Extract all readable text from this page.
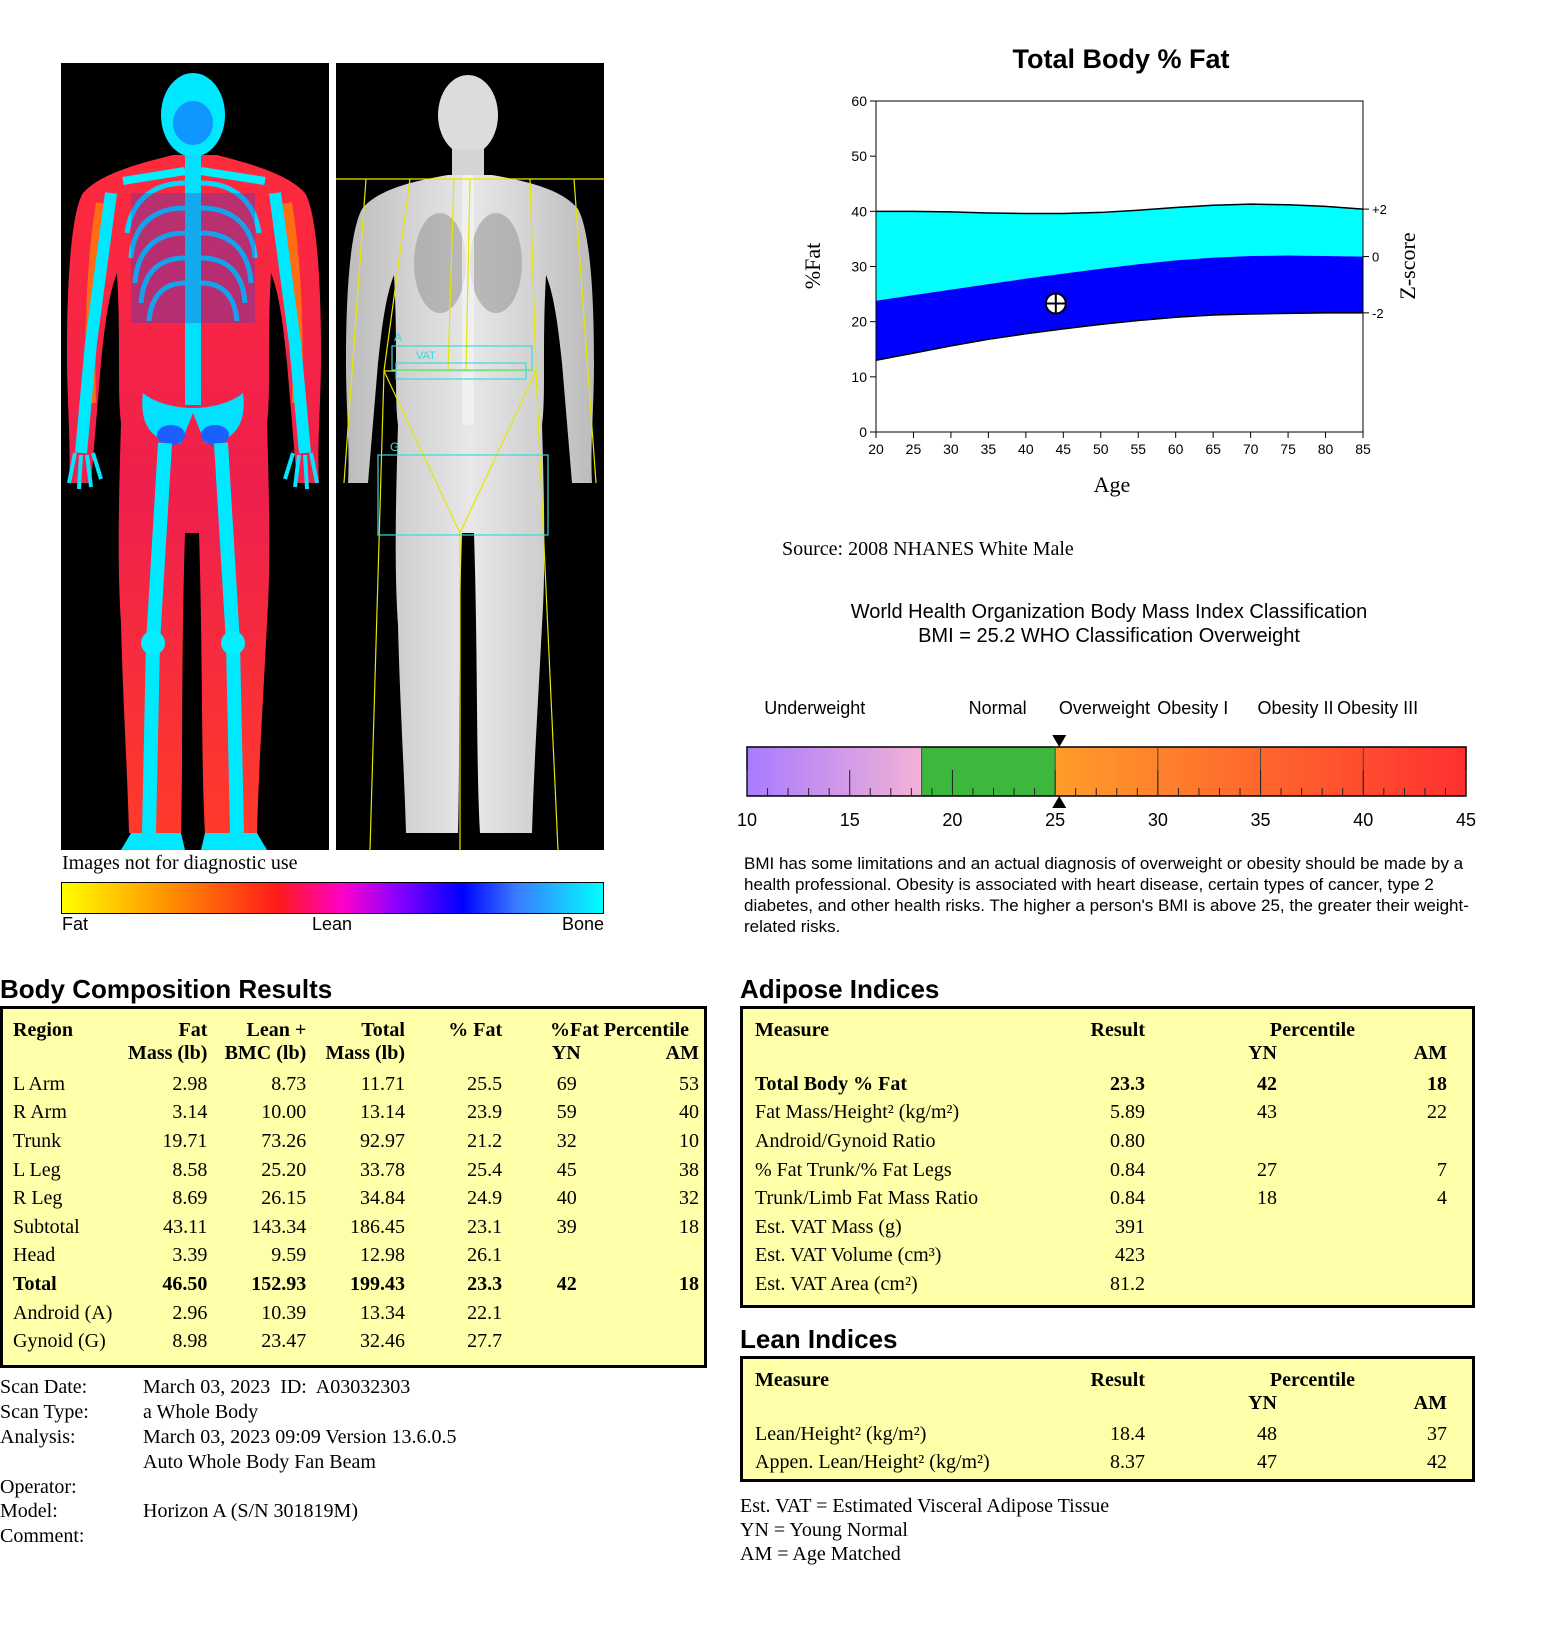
A
VAT
G
Images not for diagnostic use
Fat	Lean	Bone
Total Body % Fat
0
10
20
30
40
50
60
20 25 30 35 40 45 50 55 60 65 70 75 80 85
+2
0
-2
Age
%Fat	Z-score
Source: 2008 NHANES White Male
World Health Organization Body Mass Index Classification
BMI = 25.2 WHO Classification Overweight
Underweight	Normal Overweight Obesity I Obesity II Obesity III
10	15	20	25	30	35	40	45
BMI has some limitations and an actual diagnosis of overweight or obesity should be made by a health professional. Obesity is associated with heart disease, certain types of cancer, type 2 diabetes, and other health risks. The higher a person's BMI is above 25, the greater their weight-related risks.
Body Composition Results
Region	Fat	Lean +	Total	% Fat	%Fat Percentile	
	Mass (lb)	BMC (lb)	Mass (lb)		YN	AM
L Arm	2.98	8.73	11.71	25.5	69	53
R Arm	3.14	10.00	13.14	23.9	59	40
Trunk	19.71	73.26	92.97	21.2	32	10
L Leg	8.58	25.20	33.78	25.4	45	38
R Leg	8.69	26.15	34.84	24.9	40	32
Subtotal	43.11	143.34	186.45	23.1	39	18
Head	3.39	9.59	12.98	26.1		
Total	46.50	152.93	199.43	23.3	42	18
Android (A)	2.96	10.39	13.34	22.1		
Gynoid (G)	8.98	23.47	32.46	27.7		
Scan Date:	March 03, 2023  ID:  A03032303
Scan Type:	a Whole Body
Analysis:	March 03, 2023 09:09 Version 13.6.0.5
Auto Whole Body Fan Beam
Operator:
Model:	Horizon A (S/N 301819M)
Comment:
Adipose Indices
Measure	Result	Percentile	
		YN	AM
Total Body % Fat	23.3	42	18
Fat Mass/Height² (kg/m²)	5.89	43	22
Android/Gynoid Ratio	0.80		
% Fat Trunk/% Fat Legs	0.84	27	7
Trunk/Limb Fat Mass Ratio	0.84	18	4
Est. VAT Mass (g)	391		
Est. VAT Volume (cm³)	423		
Est. VAT Area (cm²)	81.2		
Lean Indices
Measure	Result	Percentile	
		YN	AM
Lean/Height² (kg/m²)	18.4	48	37
Appen. Lean/Height² (kg/m²)	8.37	47	42
Est. VAT = Estimated Visceral Adipose Tissue
YN = Young Normal
AM = Age Matched
